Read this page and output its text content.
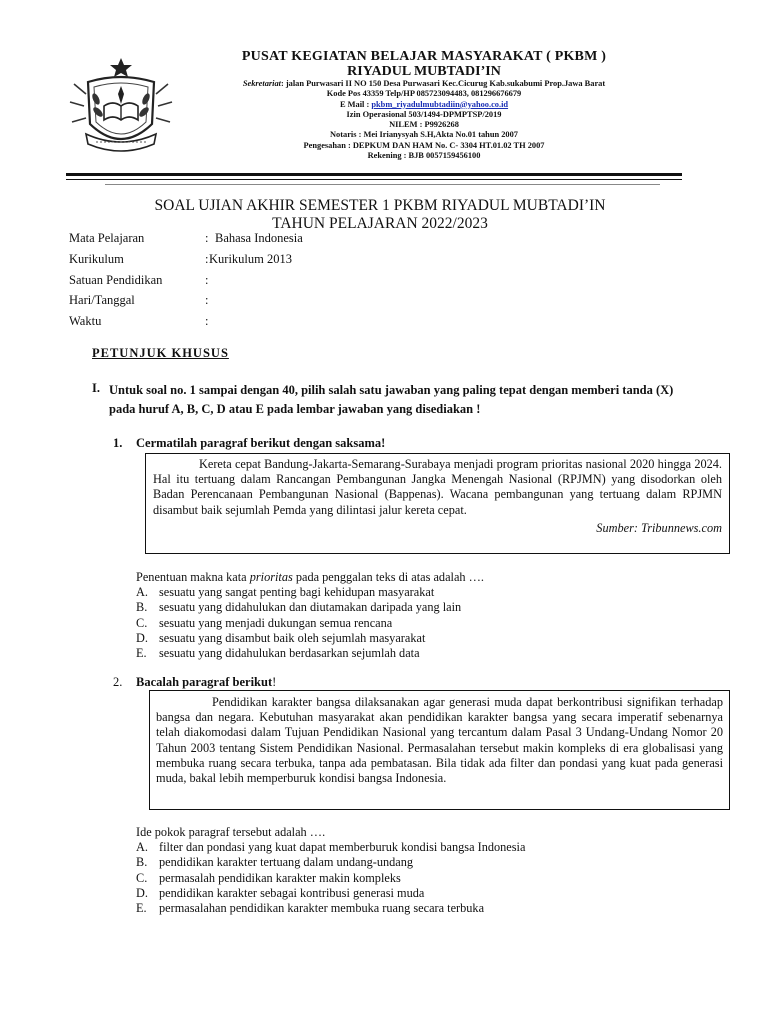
PUSAT KEGIATAN BELAJAR MASYARAKAT ( PKBM )
RIYADUL MUBTADI’IN
Sekretariat: jalan Purwasari II NO 150 Desa Purwasari Kec.Cicurug Kab.sukabumi Prop.Jawa Barat
Kode Pos 43359 Telp/HP 085723094483, 081296676679
E Mail : pkbm_riyadulmubtadiin@yahoo.co.id
Izin Operasional 503/1494-DPMPTSP/2019
NILEM : P9926268
Notaris : Mei Irianysyah S.H,Akta No.01 tahun 2007
Pengesahan : DEPKUM DAN HAM No. C- 3304 HT.01.02 TH 2007
Rekening : BJB 0057159456100
SOAL UJIAN AKHIR SEMESTER 1 PKBM RIYADUL MUBTADI’IN
TAHUN PELAJARAN 2022/2023
Mata Pelajaran	: Bahasa Indonesia
Kurikulum	: Kurikulum 2013
Satuan Pendidikan	:
Hari/Tanggal	:
Waktu	:
PETUNJUK KHUSUS
I. Untuk soal no. 1 sampai dengan 40, pilih salah satu jawaban yang paling tepat dengan memberi tanda (X) pada huruf A, B, C, D atau E pada lembar jawaban yang disediakan !
1. Cermatilah paragraf berikut dengan saksama!
Kereta cepat Bandung-Jakarta-Semarang-Surabaya menjadi program prioritas nasional 2020 hingga 2024. Hal itu tertuang dalam Rancangan Pembangunan Jangka Menengah Nasional (RPJMN) yang disodorkan oleh Badan Perencanaan Pembangunan Nasional (Bappenas). Wacana pembangunan yang tertuang dalam RPJMN disambut baik sejumlah Pemda yang dilintasi jalur kereta cepat.
Sumber: Tribunnews.com
Penentuan makna kata prioritas pada penggalan teks di atas adalah ….
A. sesuatu yang sangat penting bagi kehidupan masyarakat
B. sesuatu yang didahulukan dan diutamakan daripada yang lain
C. sesuatu yang menjadi dukungan semua rencana
D. sesuatu yang disambut baik oleh sejumlah masyarakat
E. sesuatu yang didahulukan berdasarkan sejumlah data
2. Bacalah paragraf berikut!
Pendidikan karakter bangsa dilaksanakan agar generasi muda dapat berkontribusi signifikan terhadap bangsa dan negara. Kebutuhan masyarakat akan pendidikan karakter bangsa yang secara imperatif sebenarnya telah diakomodasi dalam Tujuan Pendidikan Nasional yang tercantum dalam Pasal 3 Undang-Undang Nomor 20 Tahun 2003 tentang Sistem Pendidikan Nasional. Permasalahan tersebut makin kompleks di era globalisasi yang membuka ruang secara terbuka, tanpa ada pembatasan. Bila tidak ada filter dan pondasi yang kuat pada generasi muda, bakal lebih memperburuk kondisi bangsa Indonesia.
Ide pokok paragraf tersebut adalah ….
A. filter dan pondasi yang kuat dapat memberburuk kondisi bangsa Indonesia
B. pendidikan karakter tertuang dalam undang-undang
C. permasalah pendidikan karakter makin kompleks
D. pendidikan karakter sebagai kontribusi generasi muda
E. permasalahan pendidikan karakter membuka ruang secara terbuka
